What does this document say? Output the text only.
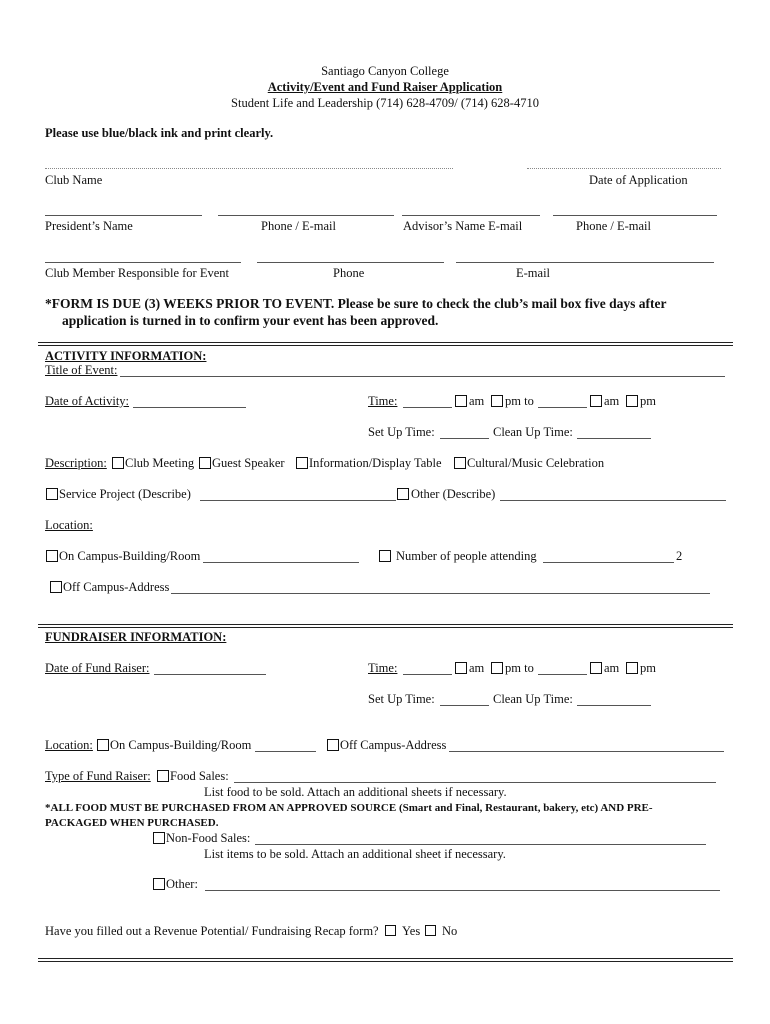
Santiago Canyon College
Activity/Event and Fund Raiser Application
Student Life and Leadership (714) 628-4709/ (714) 628-4710
Please use blue/black ink and print clearly.
Club Name	Date of Application
President’s Name	Phone / E-mail	Advisor’s Name E-mail	Phone / E-mail
Club Member Responsible for Event	Phone	E-mail
*FORM IS DUE (3) WEEKS PRIOR TO EVENT. Please be sure to check the club’s mail box five days after
application is turned in to confirm your event has been approved.
ACTIVITY INFORMATION:
Title of Event:
Date of Activity:	Time:	am pm to	am pm
Set Up Time:	Clean Up Time:
Description: Club Meeting Guest Speaker Information/Display Table Cultural/Music Celebration
Service Project (Describe)	Other (Describe)
Location:
On Campus-Building/Room	Number of people attending	2
Off Campus-Address
FUNDRAISER INFORMATION:
Date of Fund Raiser:	Time:	am pm to	am pm
Set Up Time:	Clean Up Time:
Location: On Campus-Building/Room	Off Campus-Address
Type of Fund Raiser: Food Sales:
List food to be sold. Attach an additional sheets if necessary.
*ALL FOOD MUST BE PURCHASED FROM AN APPROVED SOURCE (Smart and Final, Restaurant, bakery, etc) AND PRE-
PACKAGED WHEN PURCHASED.
Non-Food Sales:
List items to be sold. Attach an additional sheet if necessary.
Other:
Have you filled out a Revenue Potential/ Fundraising Recap form? Yes No
